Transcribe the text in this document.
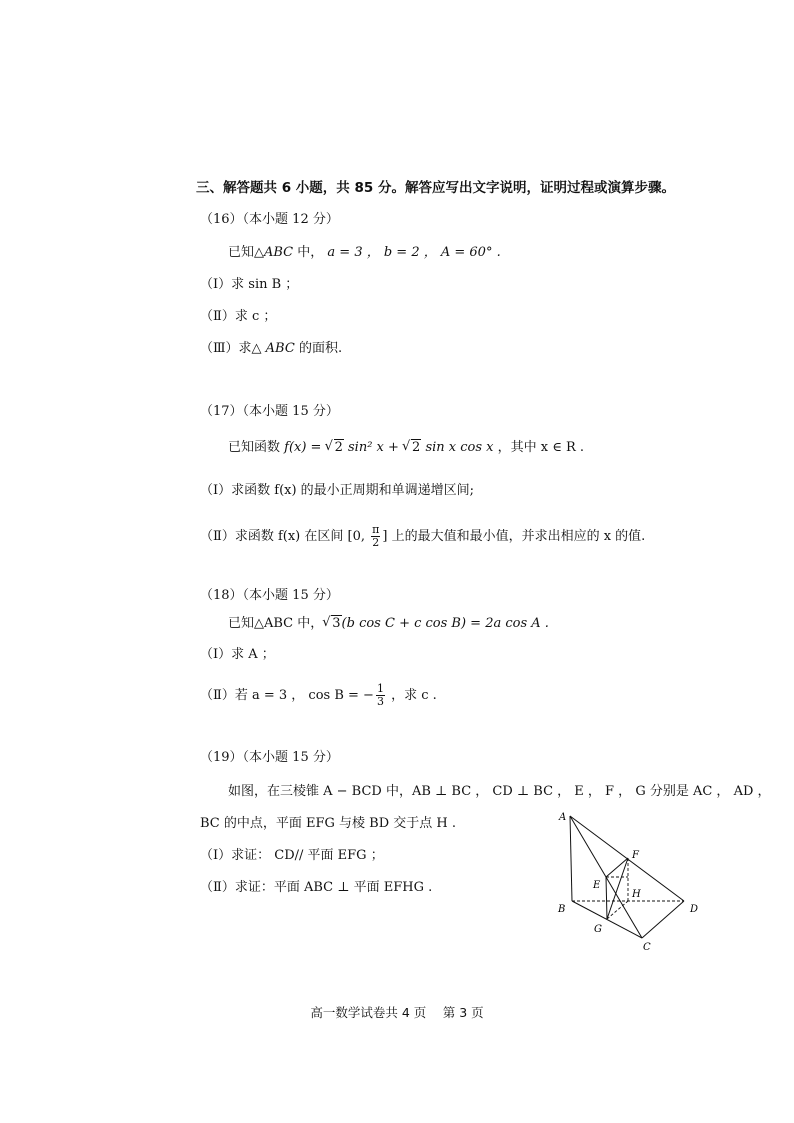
三、解答题共 6 小题，共 85 分。解答应写出文字说明，证明过程或演算步骤。
（16）（本小题 12 分）
已知△ABC 中， a = 3 ， b = 2 ， A = 60° .
（Ⅰ）求 sin B ；
（Ⅱ）求 c ；
（Ⅲ）求△ ABC 的面积.
（17）（本小题 15 分）
已知函数 f(x) = √ 2 sin² x + √ 2 sin x cos x ，其中 x ∈ R .
（Ⅰ）求函数 f(x) 的最小正周期和单调递增区间;
（Ⅱ）求函数 f(x) 在区间 [0, $\frac{\pi}{2}$ ] 上的最大值和最小值，并求出相应的 x 的值.
（18）（本小题 15 分）
已知△ABC 中，√ 3(b cos C + c cos B) = 2a cos A .
（Ⅰ）求 A ；
（Ⅱ）若 a = 3 ， cos B = − $\frac{1}{3}$ ，求 c .
（19）（本小题 15 分）
如图，在三棱锥 A − BCD 中，AB ⊥ BC ， CD ⊥ BC ， E ， F ， G 分别是 AC ， AD ，
BC 的中点，平面 EFG 与棱 BD 交于点 H .
（Ⅰ）求证： CD// 平面 EFG ；
（Ⅱ）求证：平面 ABC ⊥ 平面 EFHG .
A
B
C
D
E
F
G
H
高一数学试卷共 4 页　 第 3 页
